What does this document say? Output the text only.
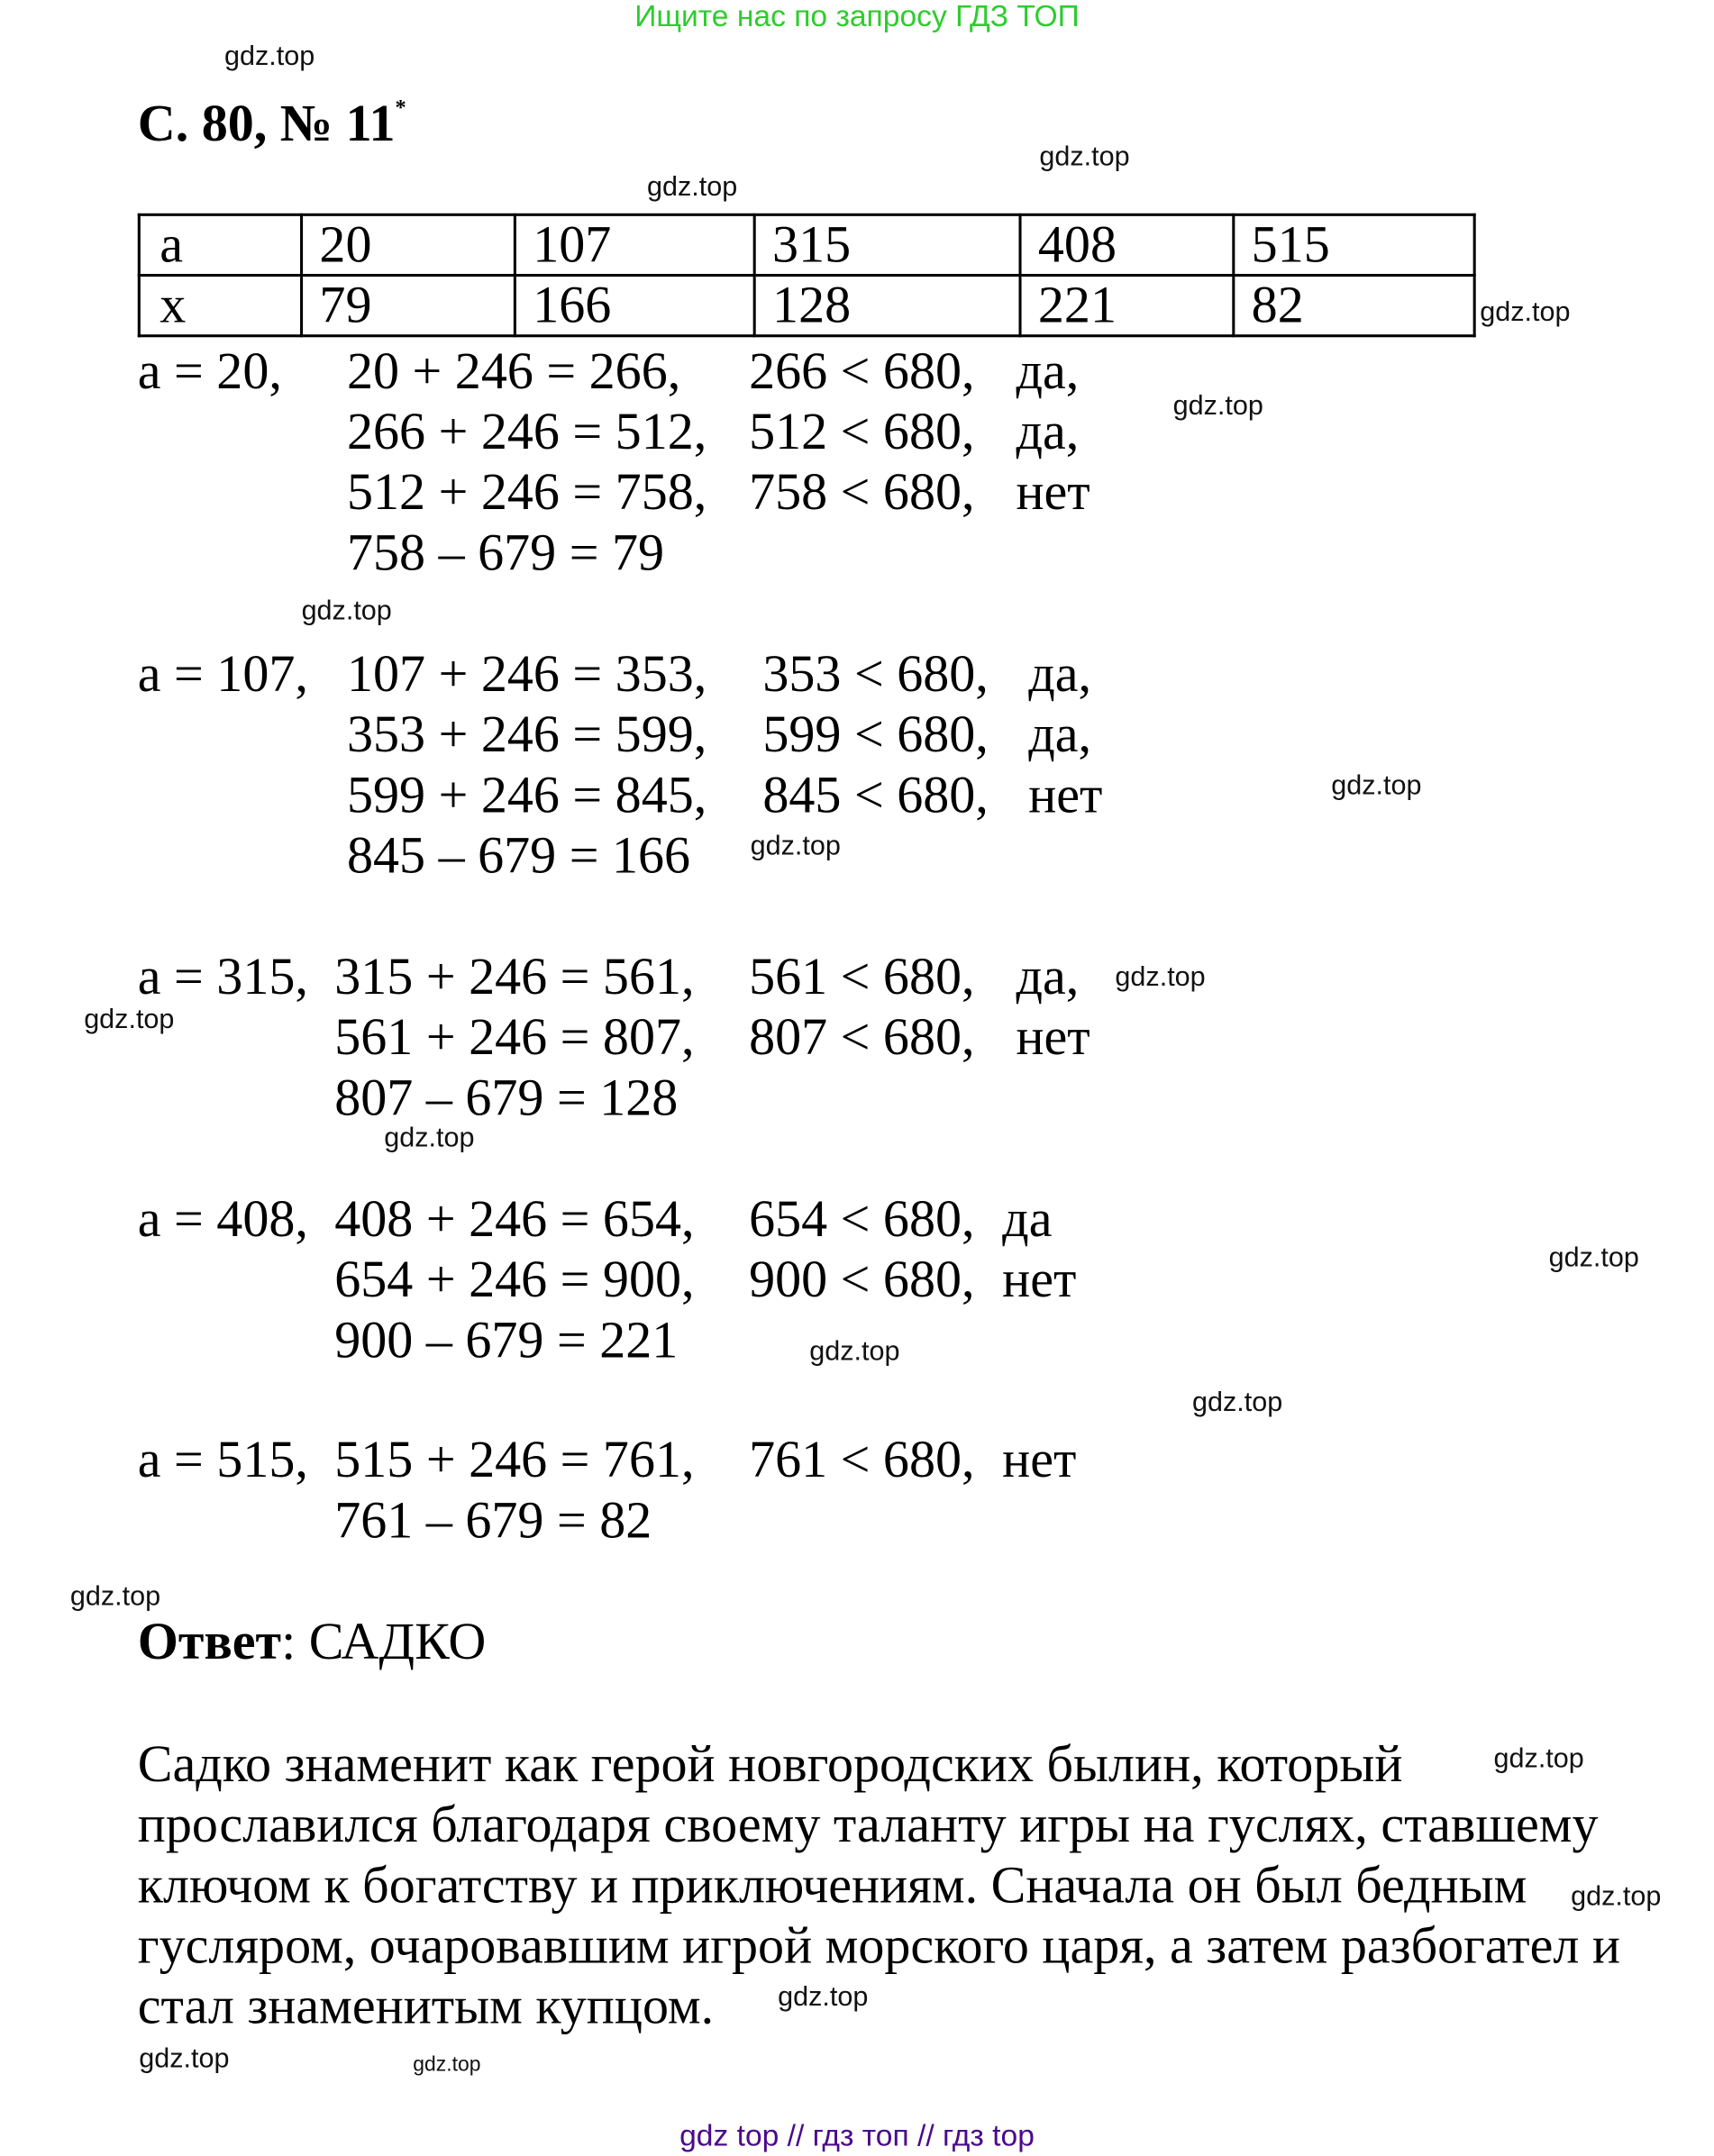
Ищите нас по запросу ГДЗ ТОП
С. 80, № 11*
a	20	107	315	408	515
x	79	166	128	221	82
a = 20, 20 + 246 = 266, 266 < 680, да,
266 + 246 = 512, 512 < 680, да,
512 + 246 = 758, 758 < 680, нет
758 – 679 = 79
a = 107, 107 + 246 = 353, 353 < 680, да,
353 + 246 = 599, 599 < 680, да,
599 + 246 = 845, 845 < 680, нет
845 – 679 = 166
a = 315, 315 + 246 = 561, 561 < 680, да,
561 + 246 = 807, 807 < 680, нет
807 – 679 = 128
a = 408, 408 + 246 = 654, 654 < 680, да
654 + 246 = 900, 900 < 680, нет
900 – 679 = 221
a = 515, 515 + 246 = 761, 761 < 680, нет
761 – 679 = 82
Ответ: САДКО
Садко знаменит как герой новгородских былин, который
прославился благодаря своему таланту игры на гуслях, ставшему
ключом к богатству и приключениям. Сначала он был бедным
гусляром, очаровавшим игрой морского царя, а затем разбогател и
стал знаменитым купцом.
gdz.top
gdz.top
gdz.top
gdz.top
gdz.top
gdz.top
gdz.top
gdz.top
gdz.top
gdz.top
gdz.top
gdz.top
gdz.top
gdz.top
gdz.top
gdz.top
gdz.top
gdz.top
gdz.top
gdz.top
gdz top // гдз топ // гдз top
